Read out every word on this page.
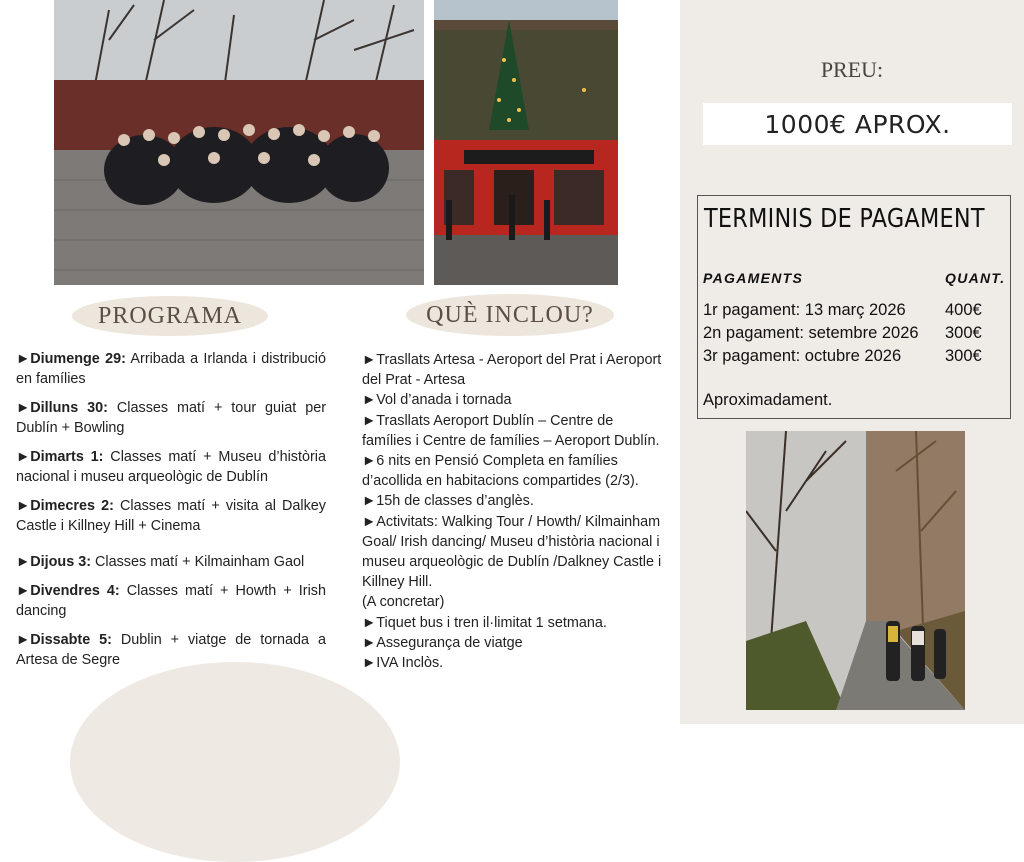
PROGRAMA	QUÈ INCLOU?

►Diumenge 29: Arribada a Irlanda i distribució en famílies

►Dilluns 30: Classes matí + tour guiat per Dublín + Bowling

►Dimarts 1: Classes matí + Museu d’història nacional i museu arqueològic de Dublín

►Dimecres 2: Classes matí + visita al Dalkey Castle i Killney Hill + Cinema

►Dijous 3: Classes matí + Kilmainham Gaol

►Divendres 4: Classes matí + Howth + Irish dancing

►Dissabte 5: Dublin + viatge de tornada a Artesa de Segre

►Trasllats Artesa - Aeroport del Prat i Aeroport del Prat - Artesa
►Vol d’anada i tornada
►Trasllats Aeroport Dublín – Centre de famílies i Centre de famílies – Aeroport Dublín.
►6 nits en Pensió Completa en famílies d’acollida en habitacions compartides (2/3).
►15h de classes d’anglès.
►Activitats: Walking Tour / Howth/ Kilmainham Goal/ Irish dancing/ Museu d’història nacional i museu arqueològic de Dublín /Dalkney Castle i Killney Hill.
(A concretar)
►Tiquet bus i tren il·limitat 1 setmana.
►Assegurança de viatge
►IVA Inclòs.
PREU:
1000€ APROX.
TERMINIS DE PAGAMENT
PAGAMENTS	QUANT.
1r pagament: 13 març 2026 400€
2n pagament: setembre 2026 300€
3r pagament: octubre 2026	300€
Aproximadament.
